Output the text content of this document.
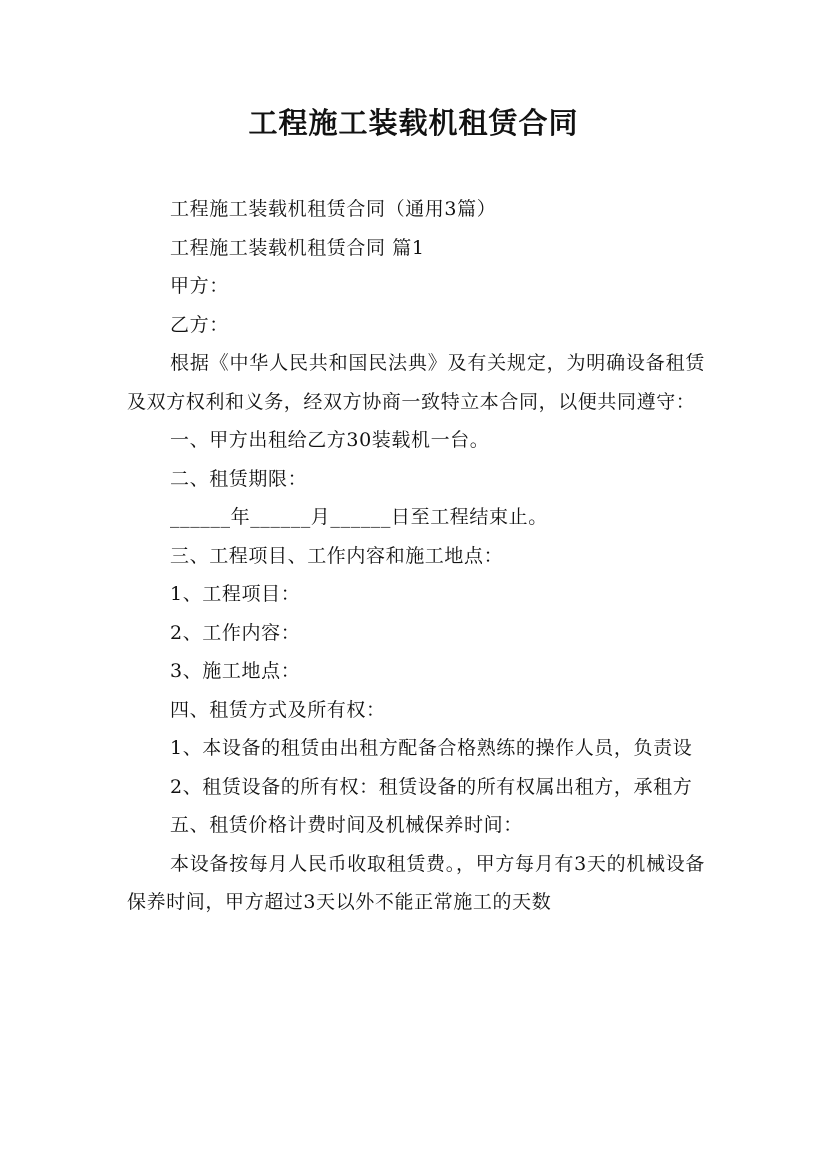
工程施工装载机租赁合同

工程施工装载机租赁合同（通用3篇）

工程施工装载机租赁合同 篇1

甲方：

乙方：

根据《中华人民共和国民法典》及有关规定，为明确设备租赁及双方权利和义务，经双方协商一致特立本合同，以便共同遵守：

一、甲方出租给乙方30装载机一台。

二、租赁期限：

______年______月______日至工程结束止。

三、工程项目、工作内容和施工地点：

1、工程项目：

2、工作内容：

3、施工地点：

四、租赁方式及所有权：

1、本设备的租赁由出租方配备合格熟练的操作人员，负责设

2、租赁设备的所有权：租赁设备的所有权属出租方，承租方

五、租赁价格计费时间及机械保养时间：

本设备按每月人民币收取租赁费。，甲方每月有3天的机械设备保养时间，甲方超过3天以外不能正常施工的天数
